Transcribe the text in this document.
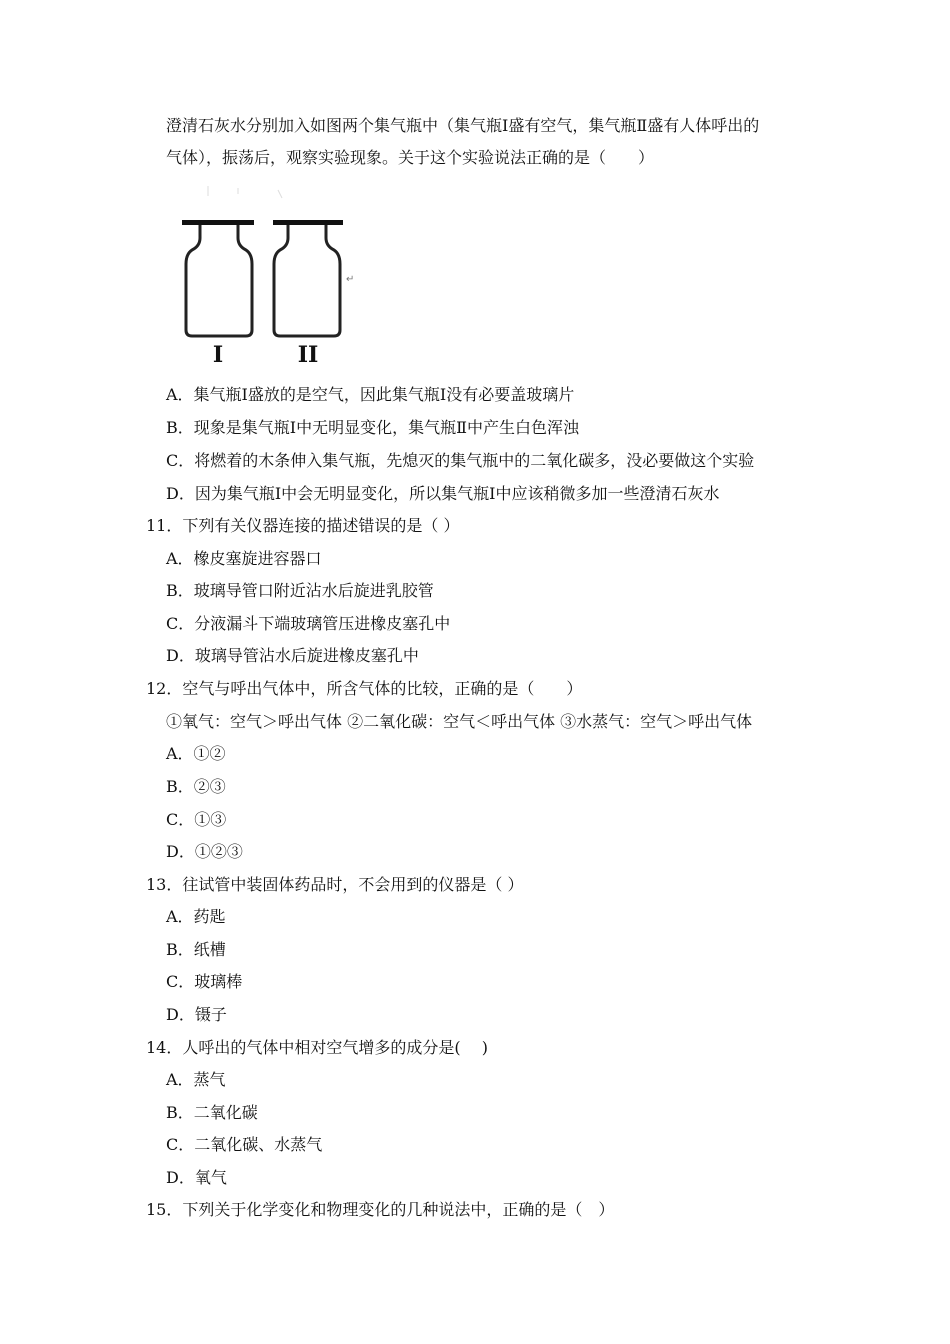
澄清石灰水分别加入如图两个集气瓶中（集气瓶Ⅰ盛有空气，集气瓶Ⅱ盛有人体呼出的
气体），振荡后，观察实验现象。关于这个实验说法正确的是（　　）
I	II
↵
A．集气瓶Ⅰ盛放的是空气，因此集气瓶Ⅰ没有必要盖玻璃片
B．现象是集气瓶Ⅰ中无明显变化，集气瓶Ⅱ中产生白色浑浊
C．将燃着的木条伸入集气瓶，先熄灭的集气瓶中的二氧化碳多，没必要做这个实验
D．因为集气瓶Ⅰ中会无明显变化，所以集气瓶Ⅰ中应该稍微多加一些澄清石灰水
11．下列有关仪器连接的描述错误的是（ ）
A．橡皮塞旋进容器口
B．玻璃导管口附近沾水后旋进乳胶管
C．分液漏斗下端玻璃管压进橡皮塞孔中
D．玻璃导管沾水后旋进橡皮塞孔中
12．空气与呼出气体中，所含气体的比较，正确的是（　　）
①氧气：空气＞呼出气体 ②二氧化碳：空气＜呼出气体 ③水蒸气：空气＞呼出气体
A．①②
B．②③
C．①③
D．①②③
13．往试管中装固体药品时，不会用到的仪器是（ ）
A．药匙
B．纸槽
C．玻璃棒
D．镊子
14．人呼出的气体中相对空气增多的成分是(　 )
A．蒸气
B．二氧化碳
C．二氧化碳、水蒸气
D．氧气
15．下列关于化学变化和物理变化的几种说法中，正确的是（　）
